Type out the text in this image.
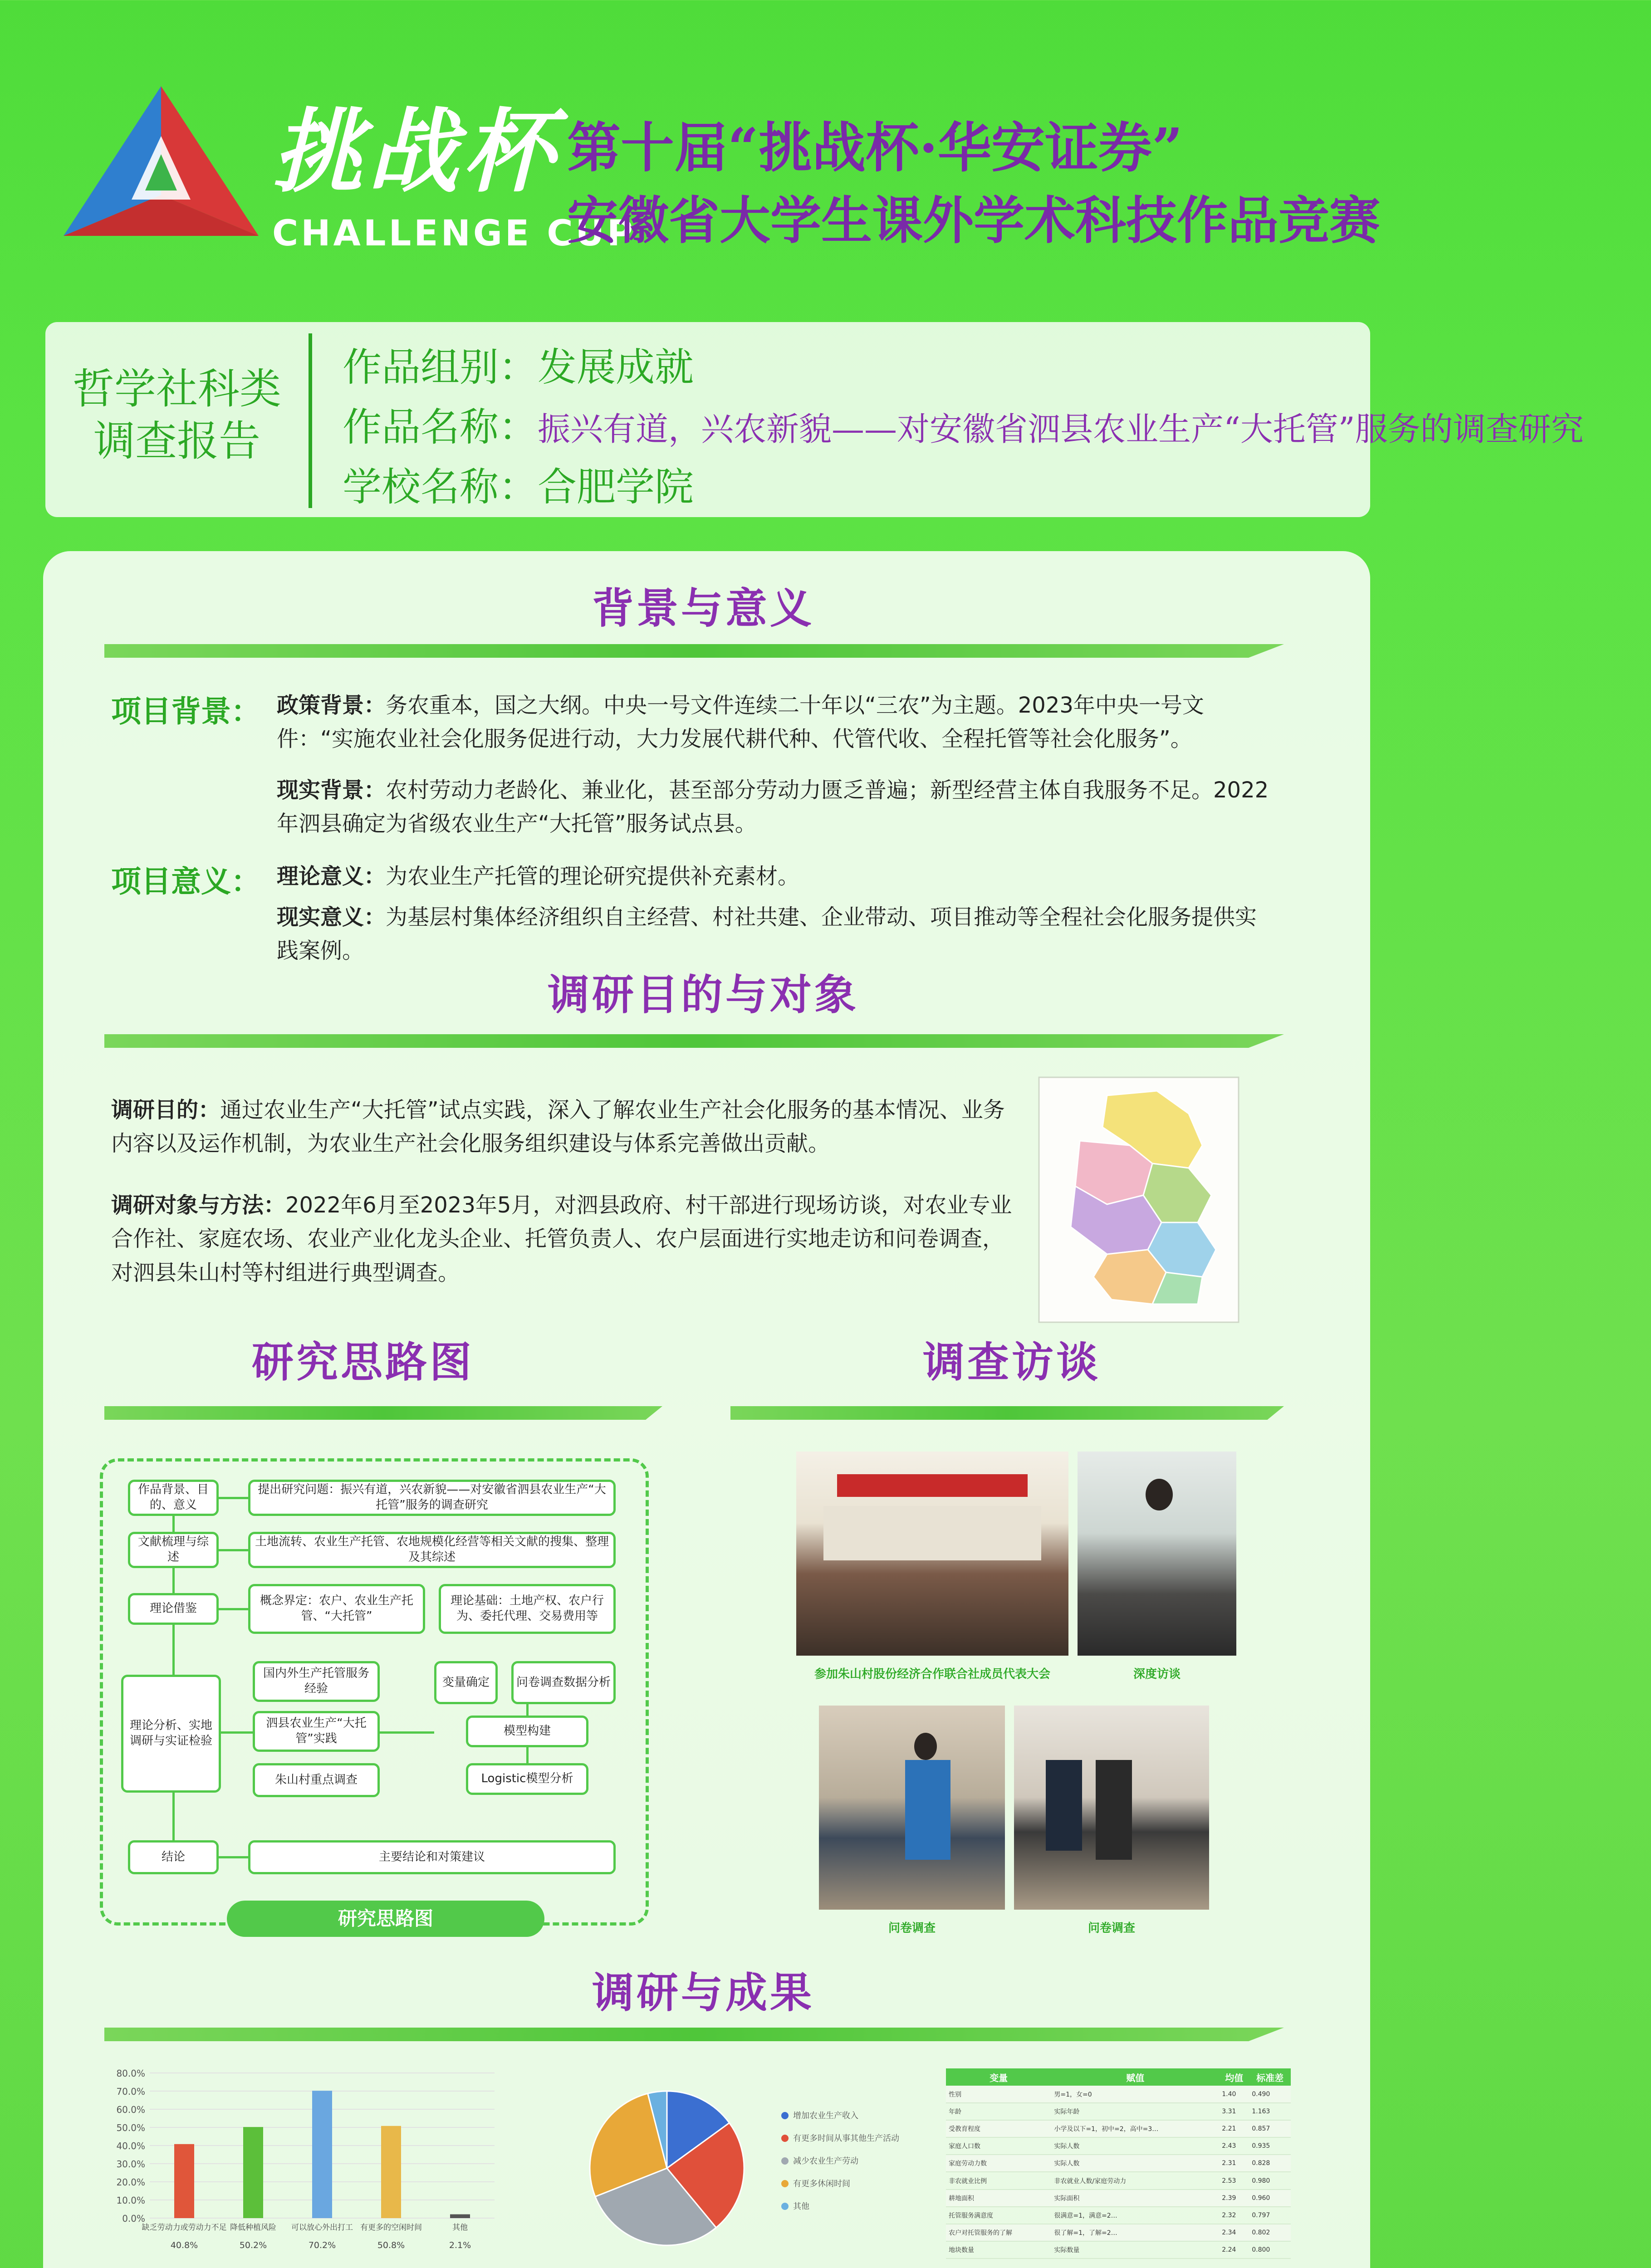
挑战杯
CHALLENGE CUP
第十届“挑战杯·华安证券”
安徽省大学生课外学术科技作品竞赛
哲学社科类
调查报告
作品组别：发展成就
作品名称：振兴有道，兴农新貌——对安徽省泗县农业生产“大托管”服务的调查研究
学校名称：合肥学院
背景与意义
项目背景： 政策背景：务农重本，国之大纲。中央一号文件连续二十年以“三农”为主题。2023年中央一号文件：“实施农业社会化服务促进行动，大力发展代耕代种、代管代收、全程托管等社会化服务”。
现实背景：农村劳动力老龄化、兼业化，甚至部分劳动力匮乏普遍；新型经营主体自我服务不足。2022年泗县确定为省级农业生产“大托管”服务试点县。
项目意义： 理论意义：为农业生产托管的理论研究提供补充素材。
现实意义：为基层村集体经济组织自主经营、村社共建、企业带动、项目推动等全程社会化服务提供实践案例。
调研目的与对象
调研目的：通过农业生产“大托管”试点实践，深入了解农业生产社会化服务的基本情况、业务内容以及运作机制，为农业生产社会化服务组织建设与体系完善做出贡献。
调研对象与方法：2022年6月至2023年5月，对泗县政府、村干部进行现场访谈，对农业专业合作社、家庭农场、农业产业化龙头企业、托管负责人、农户层面进行实地走访和问卷调查，对泗县朱山村等村组进行典型调查。
研究思路图	调查访谈
作品背景、目的、意义
提出研究问题：振兴有道，兴农新貌——对安徽省泗县农业生产“大托管”服务的调查研究
文献梳理与综述
土地流转、农业生产托管、农地规模化经营等相关文献的搜集、整理及其综述
理论借鉴
概念界定：农户、农业生产托管、“大托管”
理论基础：土地产权、农户行为、委托代理、交易费用等
理论分析、实地调研与实证检验
国内外生产托管服务经验
泗县农业生产“大托管”实践
朱山村重点调查
变量确定	问卷调查数据分析
模型构建
Logistic模型分析
结论	主要结论和对策建议
研究思路图
参加朱山村股份经济合作联合社成员代表大会	深度访谈
问卷调查	问卷调查
调研与成果
0.0%
10.0%
20.0%
30.0%
40.0%
50.0%
60.0%
70.0%
80.0%
缺乏劳动力或劳动力不足
40.8%
降低种植风险
50.2%
可以放心外出打工
70.2%
有更多的空闲时间
50.8%
其他
2.1%
增加农业生产收入
有更多时间从事其他生产活动
减少农业生产劳动
有更多休闲时间
其他
变量	赋值	均值	标准差
性别	男=1，女=0	1.40	0.490
年龄	实际年龄	3.31	1.163
受教育程度	小学及以下=1，初中=2，高中=3…	2.21	0.857
家庭人口数	实际人数	2.43	0.935
家庭劳动力数	实际人数	2.31	0.828
非农就业比例	非农就业人数/家庭劳动力	2.53	0.980
耕地面积	实际面积	2.39	0.960
托管服务满意度	很满意=1，满意=2…	2.32	0.797
农户对托管服务的了解	很了解=1，了解=2…	2.34	0.802
地块数量	实际数量	2.24	0.800
